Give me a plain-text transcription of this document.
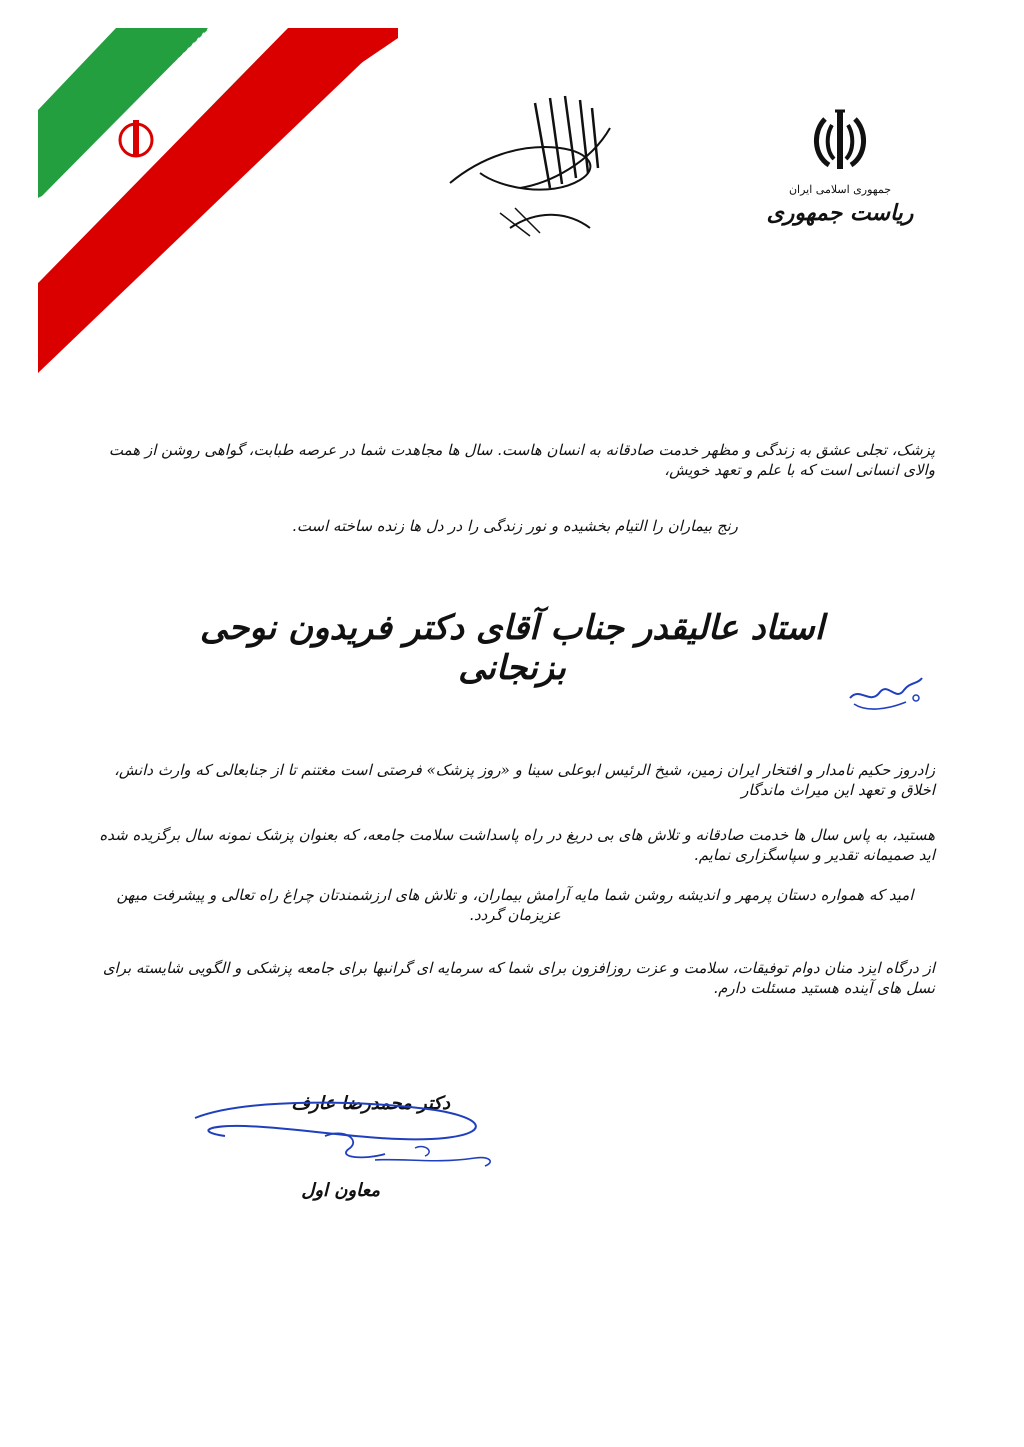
جمهوری اسلامی ایران
ریاست جمهوری
پزشک، تجلی عشق به زندگی و مظهر خدمت صادقانه به انسان هاست. سال ها مجاهدت شما در عرصه طبابت، گواهی روشن از همت والای انسانی است که با علم و تعهد خویش،
رنج بیماران را التیام بخشیده و نور زندگی را در دل ها زنده ساخته است.
استاد عالیقدر جناب آقای دکتر فریدون نوحی بزنجانی
زادروز حکیم نامدار و افتخار ایران زمین، شیخ الرئیس ابوعلی سینا و «روز پزشک» فرصتی است مغتنم تا از جنابعالی که وارث دانش، اخلاق و تعهد این میراث ماندگار
هستید، به پاس سال ها خدمت صادقانه و تلاش های بی دریغ در راه پاسداشت سلامت جامعه، که بعنوان پزشک نمونه سال برگزیده شده اید صمیمانه تقدیر و سپاسگزاری نمایم.
امید که همواره دستان پرمهر و اندیشه روشن شما مایه آرامش بیماران، و تلاش های ارزشمندتان چراغ راه تعالی و پیشرفت میهن عزیزمان گردد.
از درگاه ایزد منان دوام توفیقات، سلامت و عزت روزافزون برای شما که سرمایه ای گرانبها برای جامعه پزشکی و الگویی شایسته برای نسل های آینده هستید مسئلت دارم.
دکتر محمدرضا عارف
معاون اول
